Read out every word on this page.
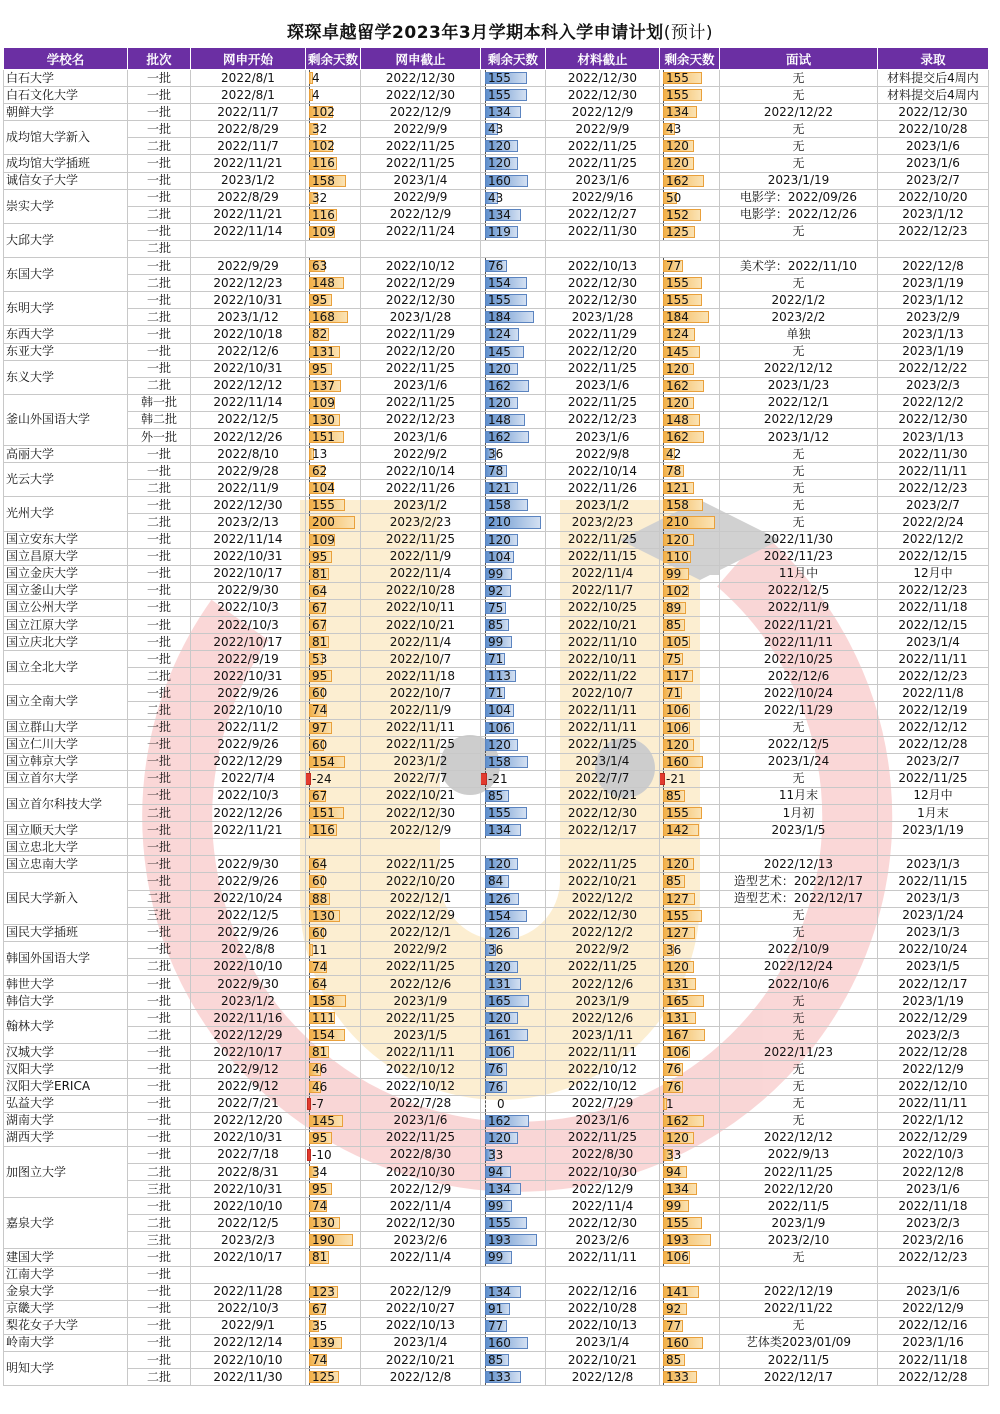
琛琛卓越留学2023年3月学期本科入学申请计划(预计)
学校名	批次	网申开始	剩余天数	网申截止	剩余天数	材料截止	剩余天数	面试	录取
白石大学	一批	2022/8/1	4	2022/12/30	155	2022/12/30	155	无	材料提交后4周内
白石文化大学	一批	2022/8/1	4	2022/12/30	155	2022/12/30	155	无	材料提交后4周内
朝鲜大学	一批	2022/11/7	102	2022/12/9	134	2022/12/9	134	2022/12/22	2022/12/30
成均馆大学新入	一批	2022/8/29	32	2022/9/9	43	2022/9/9	43	无	2022/10/28
	二批	2022/11/7	102	2022/11/25	120	2022/11/25	120	无	2023/1/6
成均馆大学插班	一批	2022/11/21	116	2022/11/25	120	2022/11/25	120	无	2023/1/6
诚信女子大学	一批	2023/1/2	158	2023/1/4	160	2023/1/6	162	2023/1/19	2023/2/7
崇实大学	一批	2022/8/29	32	2022/9/9	43	2022/9/16	50	电影学：2022/09/26	2022/10/20
	二批	2022/11/21	116	2022/12/9	134	2022/12/27	152	电影学：2022/12/26	2023/1/12
大邱大学	一批	2022/11/14	109	2022/11/24	119	2022/11/30	125	无	2022/12/23
	二批								
东国大学	一批	2022/9/29	63	2022/10/12	76	2022/10/13	77	美术学：2022/11/10	2022/12/8
	二批	2022/12/23	148	2022/12/29	154	2022/12/30	155	无	2023/1/19
东明大学	一批	2022/10/31	95	2022/12/30	155	2022/12/30	155	2022/1/2	2023/1/12
	二批	2023/1/12	168	2023/1/28	184	2023/1/28	184	2023/2/2	2023/2/9
东西大学	一批	2022/10/18	82	2022/11/29	124	2022/11/29	124	单独	2023/1/13
东亚大学	一批	2022/12/6	131	2022/12/20	145	2022/12/20	145	无	2023/1/19
东义大学	一批	2022/10/31	95	2022/11/25	120	2022/11/25	120	2022/12/12	2022/12/22
	二批	2022/12/12	137	2023/1/6	162	2023/1/6	162	2023/1/23	2023/2/3
釜山外国语大学	韩一批	2022/11/14	109	2022/11/25	120	2022/11/25	120	2022/12/1	2022/12/2
	韩二批	2022/12/5	130	2022/12/23	148	2022/12/23	148	2022/12/29	2022/12/30
	外一批	2022/12/26	151	2023/1/6	162	2023/1/6	162	2023/1/12	2023/1/13
高丽大学	一批	2022/8/10	13	2022/9/2	36	2022/9/8	42	无	2022/11/30
光云大学	一批	2022/9/28	62	2022/10/14	78	2022/10/14	78	无	2022/11/11
	二批	2022/11/9	104	2022/11/26	121	2022/11/26	121	无	2022/12/23
光州大学	一批	2022/12/30	155	2023/1/2	158	2023/1/2	158	无	2023/2/7
	二批	2023/2/13	200	2023/2/23	210	2023/2/23	210	无	2022/2/24
国立安东大学	一批	2022/11/14	109	2022/11/25	120	2022/11/25	120	2022/11/30	2022/12/2
国立昌原大学	一批	2022/10/31	95	2022/11/9	104	2022/11/15	110	2022/11/23	2022/12/15
国立金庆大学	一批	2022/10/17	81	2022/11/4	99	2022/11/4	99	11月中	12月中
国立釜山大学	一批	2022/9/30	64	2022/10/28	92	2022/11/7	102	2022/12/5	2022/12/23
国立公州大学	一批	2022/10/3	67	2022/10/11	75	2022/10/25	89	2022/11/9	2022/11/18
国立江原大学	一批	2022/10/3	67	2022/10/21	85	2022/10/21	85	2022/11/21	2022/12/15
国立庆北大学	一批	2022/10/17	81	2022/11/4	99	2022/11/10	105	2022/11/11	2023/1/4
国立全北大学	一批	2022/9/19	53	2022/10/7	71	2022/10/11	75	2022/10/25	2022/11/11
	二批	2022/10/31	95	2022/11/18	113	2022/11/22	117	2022/12/6	2022/12/23
国立全南大学	一批	2022/9/26	60	2022/10/7	71	2022/10/7	71	2022/10/24	2022/11/8
	二批	2022/10/10	74	2022/11/9	104	2022/11/11	106	2022/11/29	2022/12/19
国立群山大学	一批	2022/11/2	97	2022/11/11	106	2022/11/11	106	无	2022/12/12
国立仁川大学	一批	2022/9/26	60	2022/11/25	120	2022/11/25	120	2022/12/5	2022/12/28
国立韩京大学	一批	2022/12/29	154	2023/1/2	158	2023/1/4	160	2023/1/24	2023/2/7
国立首尔大学	一批	2022/7/4	-24	2022/7/7	-21	2022/7/7	-21	无	2022/11/25
国立首尔科技大学	一批	2022/10/3	67	2022/10/21	85	2022/10/21	85	11月末	12月中
	二批	2022/12/26	151	2022/12/30	155	2022/12/30	155	1月初	1月末
国立顺天大学	一批	2022/11/21	116	2022/12/9	134	2022/12/17	142	2023/1/5	2023/1/19
国立忠北大学	一批								
国立忠南大学	一批	2022/9/30	64	2022/11/25	120	2022/11/25	120	2022/12/13	2023/1/3
国民大学新入	一批	2022/9/26	60	2022/10/20	84	2022/10/21	85	造型艺术：2022/12/17	2022/11/15
	二批	2022/10/24	88	2022/12/1	126	2022/12/2	127	造型艺术：2022/12/17	2023/1/3
	三批	2022/12/5	130	2022/12/29	154	2022/12/30	155	无	2023/1/24
国民大学插班	一批	2022/9/26	60	2022/12/1	126	2022/12/2	127	无	2023/1/3
韩国外国语大学	一批	2022/8/8	11	2022/9/2	36	2022/9/2	36	2022/10/9	2022/10/24
	二批	2022/10/10	74	2022/11/25	120	2022/11/25	120	2022/12/24	2023/1/5
韩世大学	一批	2022/9/30	64	2022/12/6	131	2022/12/6	131	2022/10/6	2022/12/17
韩信大学	一批	2023/1/2	158	2023/1/9	165	2023/1/9	165	无	2023/1/19
翰林大学	一批	2022/11/16	111	2022/11/25	120	2022/12/6	131	无	2022/12/29
	二批	2022/12/29	154	2023/1/5	161	2023/1/11	167	无	2023/2/3
汉城大学	一批	2022/10/17	81	2022/11/11	106	2022/11/11	106	2022/11/23	2022/12/28
汉阳大学	一批	2022/9/12	46	2022/10/12	76	2022/10/12	76	无	2022/12/9
汉阳大学ERICA	一批	2022/9/12	46	2022/10/12	76	2022/10/12	76	无	2022/12/10
弘益大学	一批	2022/7/21	-7	2022/7/28	0	2022/7/29	1	无	2022/11/11
湖南大学	一批	2022/12/20	145	2023/1/6	162	2023/1/6	162	无	2022/1/12
湖西大学	一批	2022/10/31	95	2022/11/25	120	2022/11/25	120	2022/12/12	2022/12/29
加图立大学	一批	2022/7/18	-10	2022/8/30	33	2022/8/30	33	2022/9/13	2022/10/3
	二批	2022/8/31	34	2022/10/30	94	2022/10/30	94	2022/11/25	2022/12/8
	三批	2022/10/31	95	2022/12/9	134	2022/12/9	134	2022/12/20	2023/1/6
嘉泉大学	一批	2022/10/10	74	2022/11/4	99	2022/11/4	99	2022/11/5	2022/11/18
	二批	2022/12/5	130	2022/12/30	155	2022/12/30	155	2023/1/9	2023/2/3
	三批	2023/2/3	190	2023/2/6	193	2023/2/6	193	2023/2/10	2023/2/16
建国大学	一批	2022/10/17	81	2022/11/4	99	2022/11/11	106	无	2022/12/23
江南大学	一批								
金泉大学	一批	2022/11/28	123	2022/12/9	134	2022/12/16	141	2022/12/19	2023/1/6
京畿大学	一批	2022/10/3	67	2022/10/27	91	2022/10/28	92	2022/11/22	2022/12/9
梨花女子大学	一批	2022/9/1	35	2022/10/13	77	2022/10/13	77	无	2022/12/16
岭南大学	一批	2022/12/14	139	2023/1/4	160	2023/1/4	160	艺体类2023/01/09	2023/1/16
明知大学	一批	2022/10/10	74	2022/10/21	85	2022/10/21	85	2022/11/5	2022/11/18
	二批	2022/11/30	125	2022/12/8	133	2022/12/8	133	2022/12/17	2022/12/28
